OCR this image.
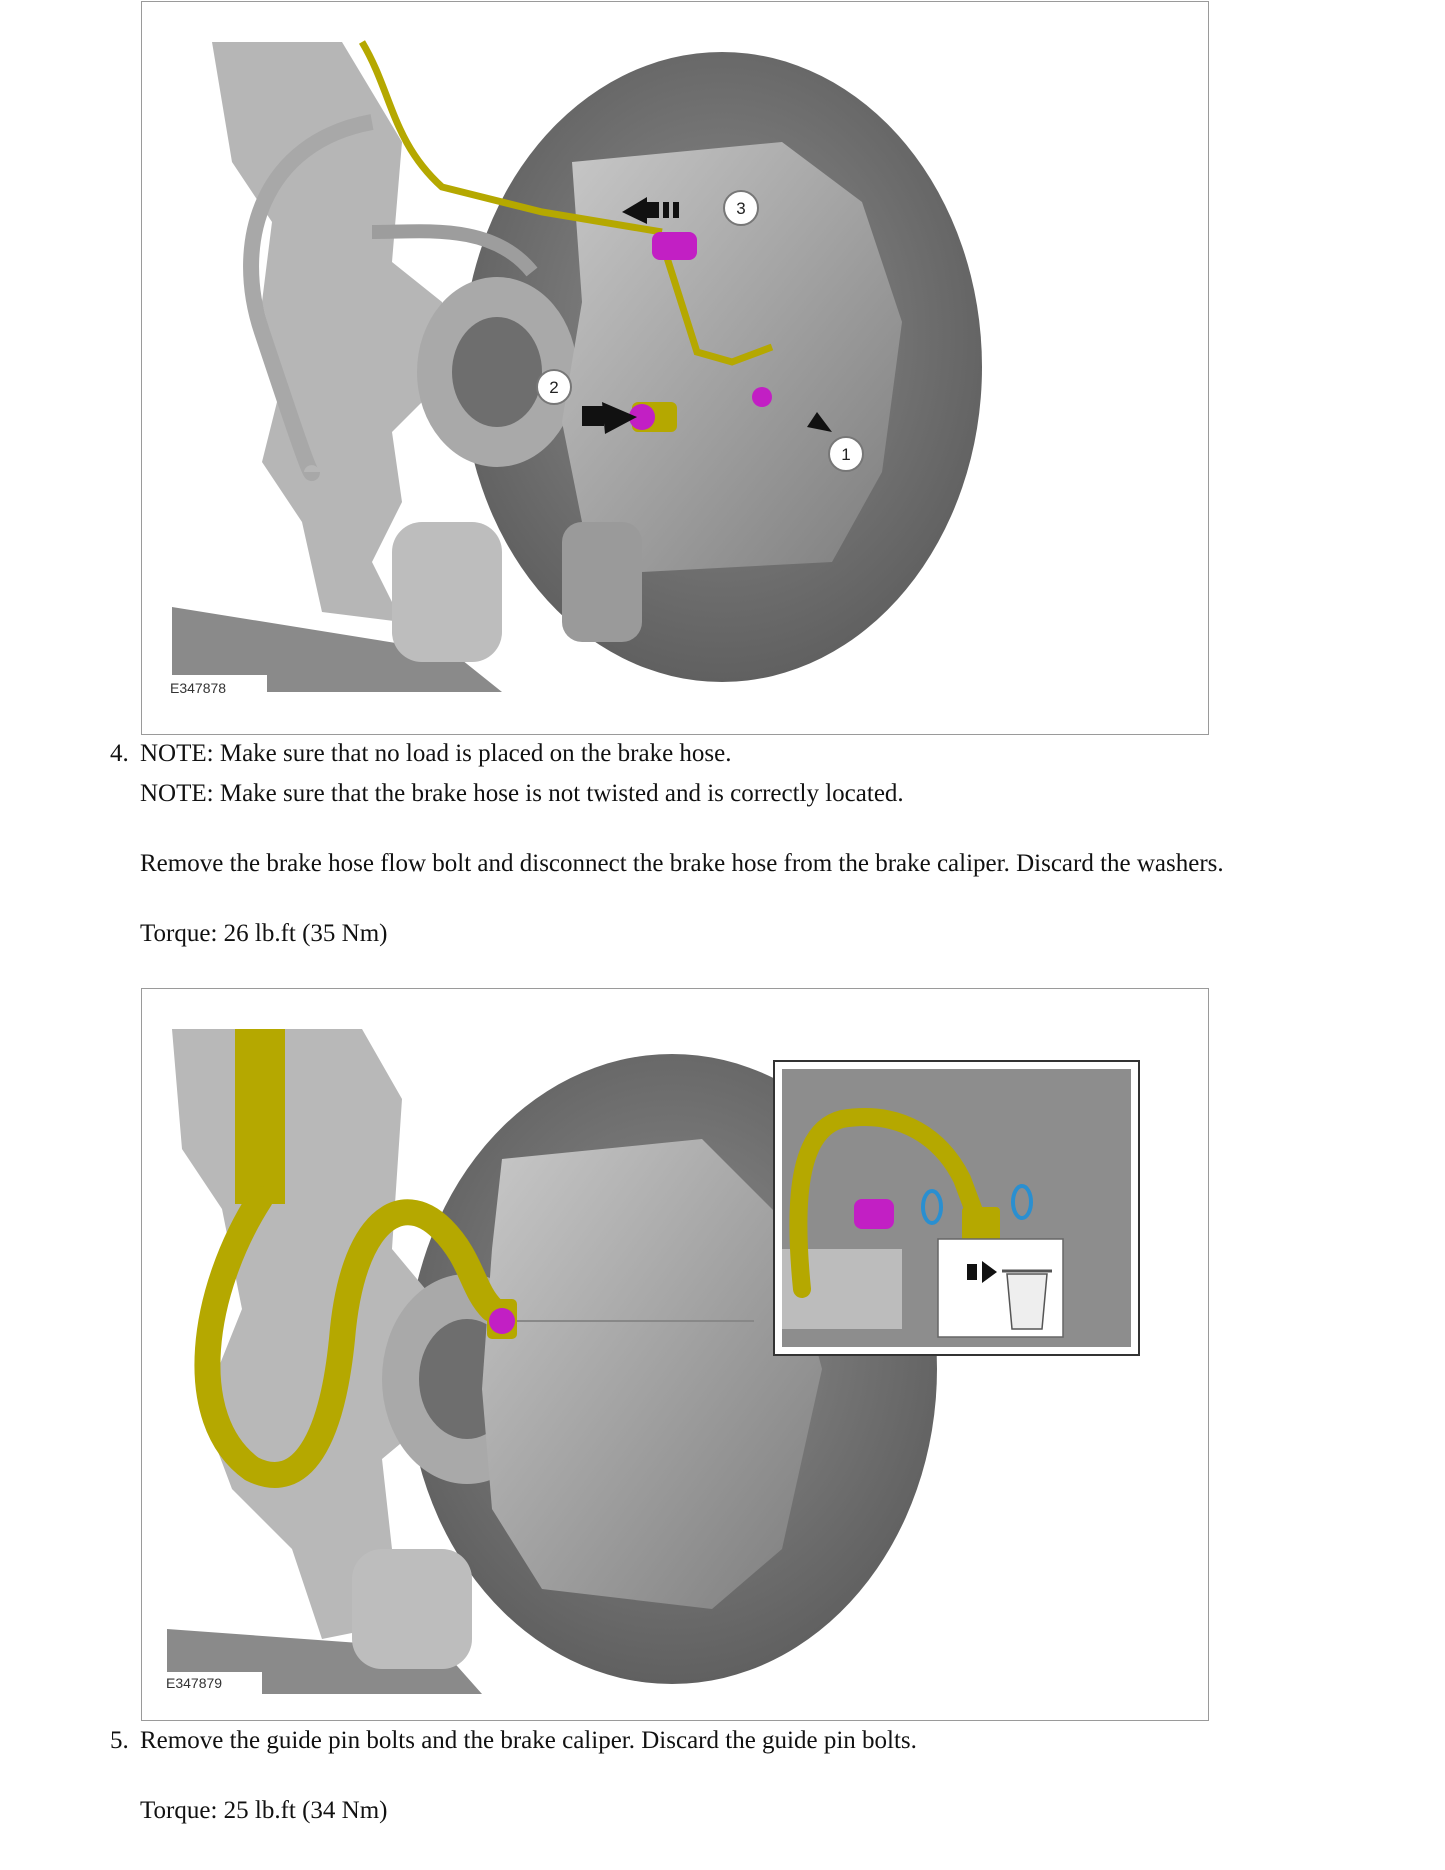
1
2
3
E347878
4. NOTE: Make sure that no load is placed on the brake hose.
NOTE: Make sure that the brake hose is not twisted and is correctly located.
Remove the brake hose flow bolt and disconnect the brake hose from the brake caliper. Discard the washers.
Torque: 26 lb.ft (35 Nm)
E347879
5. Remove the guide pin bolts and the brake caliper. Discard the guide pin bolts.
Torque: 25 lb.ft (34 Nm)
